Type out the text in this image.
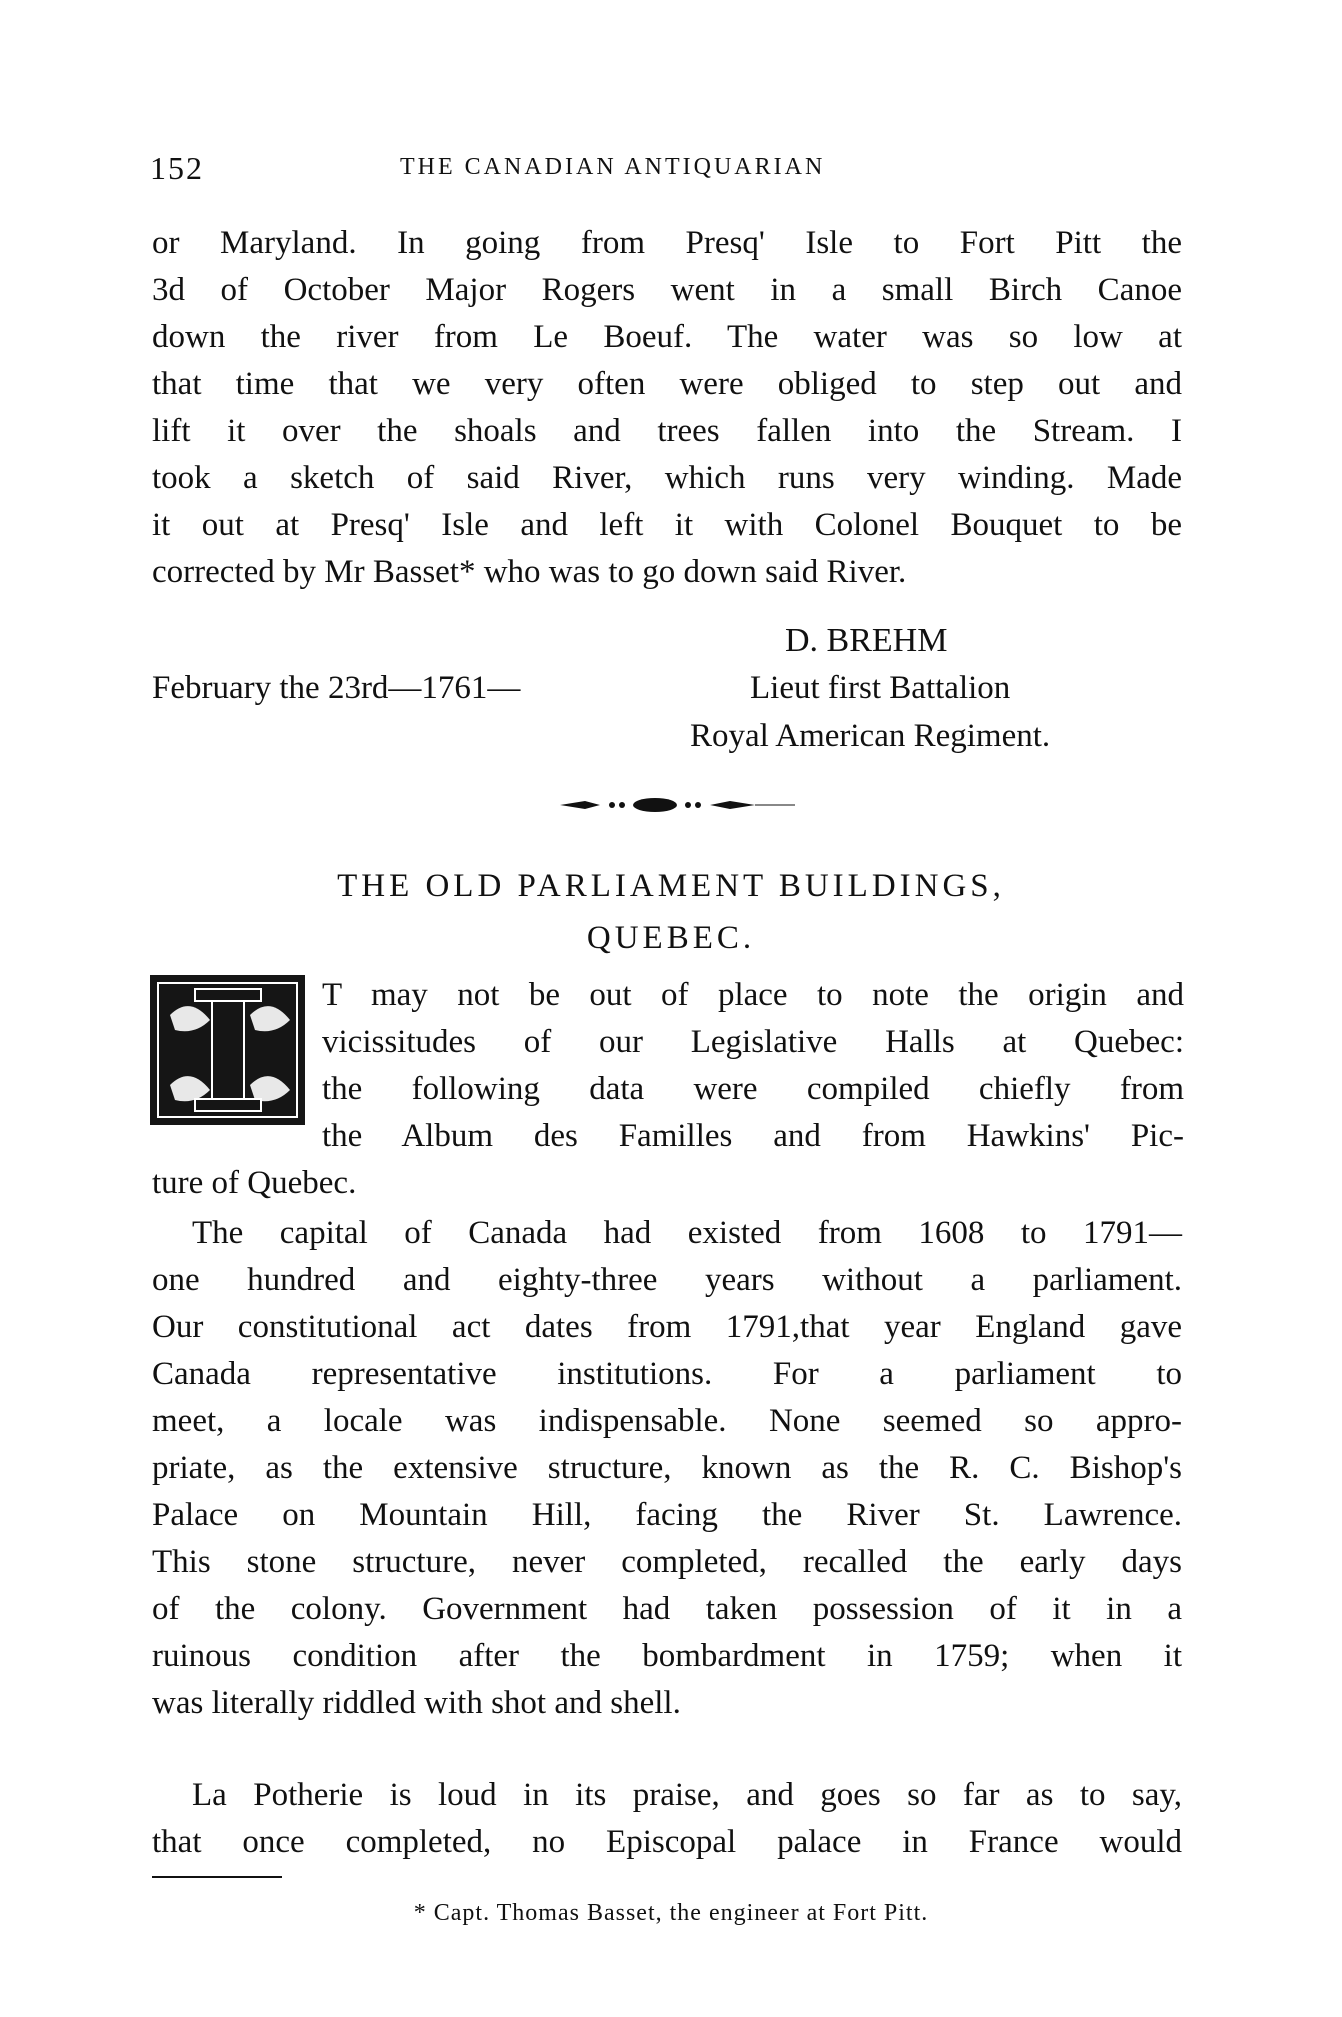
152	THE CANADIAN ANTIQUARIAN
or Maryland. In going from Presq' Isle to Fort Pitt the
3d of October Major Rogers went in a small Birch Canoe
down the river from Le Boeuf. The water was so low at
that time that we very often were obliged to step out and
lift it over the shoals and trees fallen into the Stream. I
took a sketch of said River, which runs very winding. Made
it out at Presq' Isle and left it with Colonel Bouquet to be
corrected by Mr Basset* who was to go down said River.
D. BREHM
February the 23rd—1761—	Lieut first Battalion
Royal American Regiment.
THE OLD PARLIAMENT BUILDINGS,
QUEBEC.
T may not be out of place to note the origin and
vicissitudes of our Legislative Halls at Quebec:
the following data were compiled chiefly from
the Album des Familles and from Hawkins' Pic-
ture of Quebec.
The capital of Canada had existed from 1608 to 1791—
one hundred and eighty-three years without a parliament.
Our constitutional act dates from 1791,that year England gave
Canada representative institutions. For a parliament to
meet, a locale was indispensable. None seemed so appro-
priate, as the extensive structure, known as the R. C. Bishop's
Palace on Mountain Hill, facing the River St. Lawrence.
This stone structure, never completed, recalled the early days
of the colony. Government had taken possession of it in a
ruinous condition after the bombardment in 1759; when it
was literally riddled with shot and shell.
La Potherie is loud in its praise, and goes so far as to say,
that once completed, no Episcopal palace in France would
* Capt. Thomas Basset, the engineer at Fort Pitt.
